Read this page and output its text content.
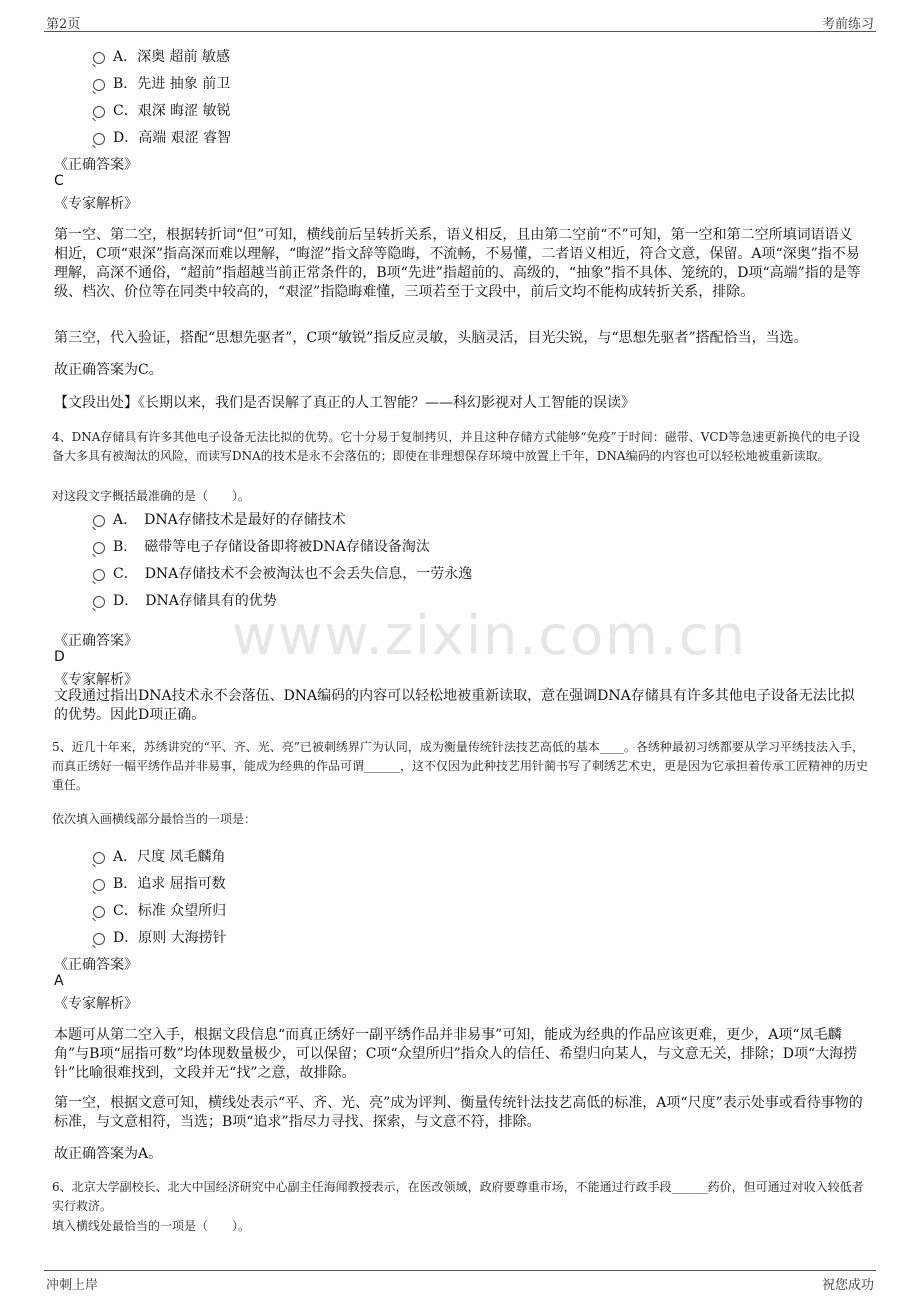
第2页	考前练习
www.zixin.com.cn
A．深奥 超前 敏感
B．先进 抽象 前卫
C．艰深 晦涩 敏锐
D．高端 艰涩 睿智
《正确答案》
C
《专家解析》
第一空、第二空，根据转折词“但”可知，横线前后呈转折关系，语义相反，且由第二空前“不”可知，第一空和第二空所填词语语义相近，C项“艰深”指高深而难以理解，“晦涩”指文辞等隐晦，不流畅，不易懂，二者语义相近，符合文意，保留。A项“深奥”指不易理解，高深不通俗，“超前”指超越当前正常条件的，B项“先进”指超前的、高级的，“抽象”指不具体、笼统的，D项“高端”指的是等级、档次、价位等在同类中较高的，“艰涩”指隐晦难懂，三项若至于文段中，前后文均不能构成转折关系，排除。
第三空，代入验证，搭配“思想先驱者”，C项“敏锐”指反应灵敏，头脑灵活，目光尖锐，与“思想先驱者”搭配恰当，当选。
故正确答案为C。
【文段出处】《长期以来，我们是否误解了真正的人工智能？——科幻影视对人工智能的误读》
4、DNA存储具有许多其他电子设备无法比拟的优势。它十分易于复制拷贝，并且这种存储方式能够“免疫”于时间：磁带、VCD等急速更新换代的电子设备大多具有被淘汰的风险，而读写DNA的技术是永不会落伍的；即使在非理想保存环境中放置上千年，DNA编码的内容也可以轻松地被重新读取。
对这段文字概括最准确的是（　　）。
A．　DNA存储技术是最好的存储技术
B．　磁带等电子存储设备即将被DNA存储设备淘汰
C．　DNA存储技术不会被淘汰也不会丢失信息，一劳永逸
D．　DNA存储具有的优势
《正确答案》
D
《专家解析》
文段通过指出DNA技术永不会落伍、DNA编码的内容可以轻松地被重新读取，意在强调DNA存储具有许多其他电子设备无法比拟的优势。因此D项正确。
5、近几十年来，苏绣讲究的“平、齐、光、亮”已被刺绣界广为认同，成为衡量传统针法技艺高低的基本____。各绣种最初习绣都要从学习平绣技法入手，而真正绣好一幅平绣作品并非易事，能成为经典的作品可谓______，这不仅因为此种技艺用针蔺书写了刺绣艺术史，更是因为它承担着传承工匠精神的历史重任。
依次填入画横线部分最恰当的一项是：
A．尺度 凤毛麟角
B．追求 屈指可数
C．标准 众望所归
D．原则 大海捞针
《正确答案》
A
《专家解析》
本题可从第二空入手，根据文段信息“而真正绣好一副平绣作品并非易事”可知，能成为经典的作品应该更难，更少，A项“凤毛麟角”与B项“屈指可数”均体现数量极少，可以保留；C项“众望所归”指众人的信任、希望归向某人，与文意无关，排除；D项“大海捞针”比喻很难找到，文段并无“找”之意，故排除。
第一空，根据文意可知，横线处表示“平、齐、光、亮”成为评判、衡量传统针法技艺高低的标准，A项“尺度”表示处事或看待事物的标准，与文意相符，当选；B项“追求”指尽力寻找、探索，与文意不符，排除。
故正确答案为A。
6、北京大学副校长、北大中国经济研究中心副主任海闻教授表示，在医改领域，政府要尊重市场，不能通过行政手段______药价，但可通过对收入较低者实行救济。
填入横线处最恰当的一项是（　　）。
冲刺上岸	祝您成功
